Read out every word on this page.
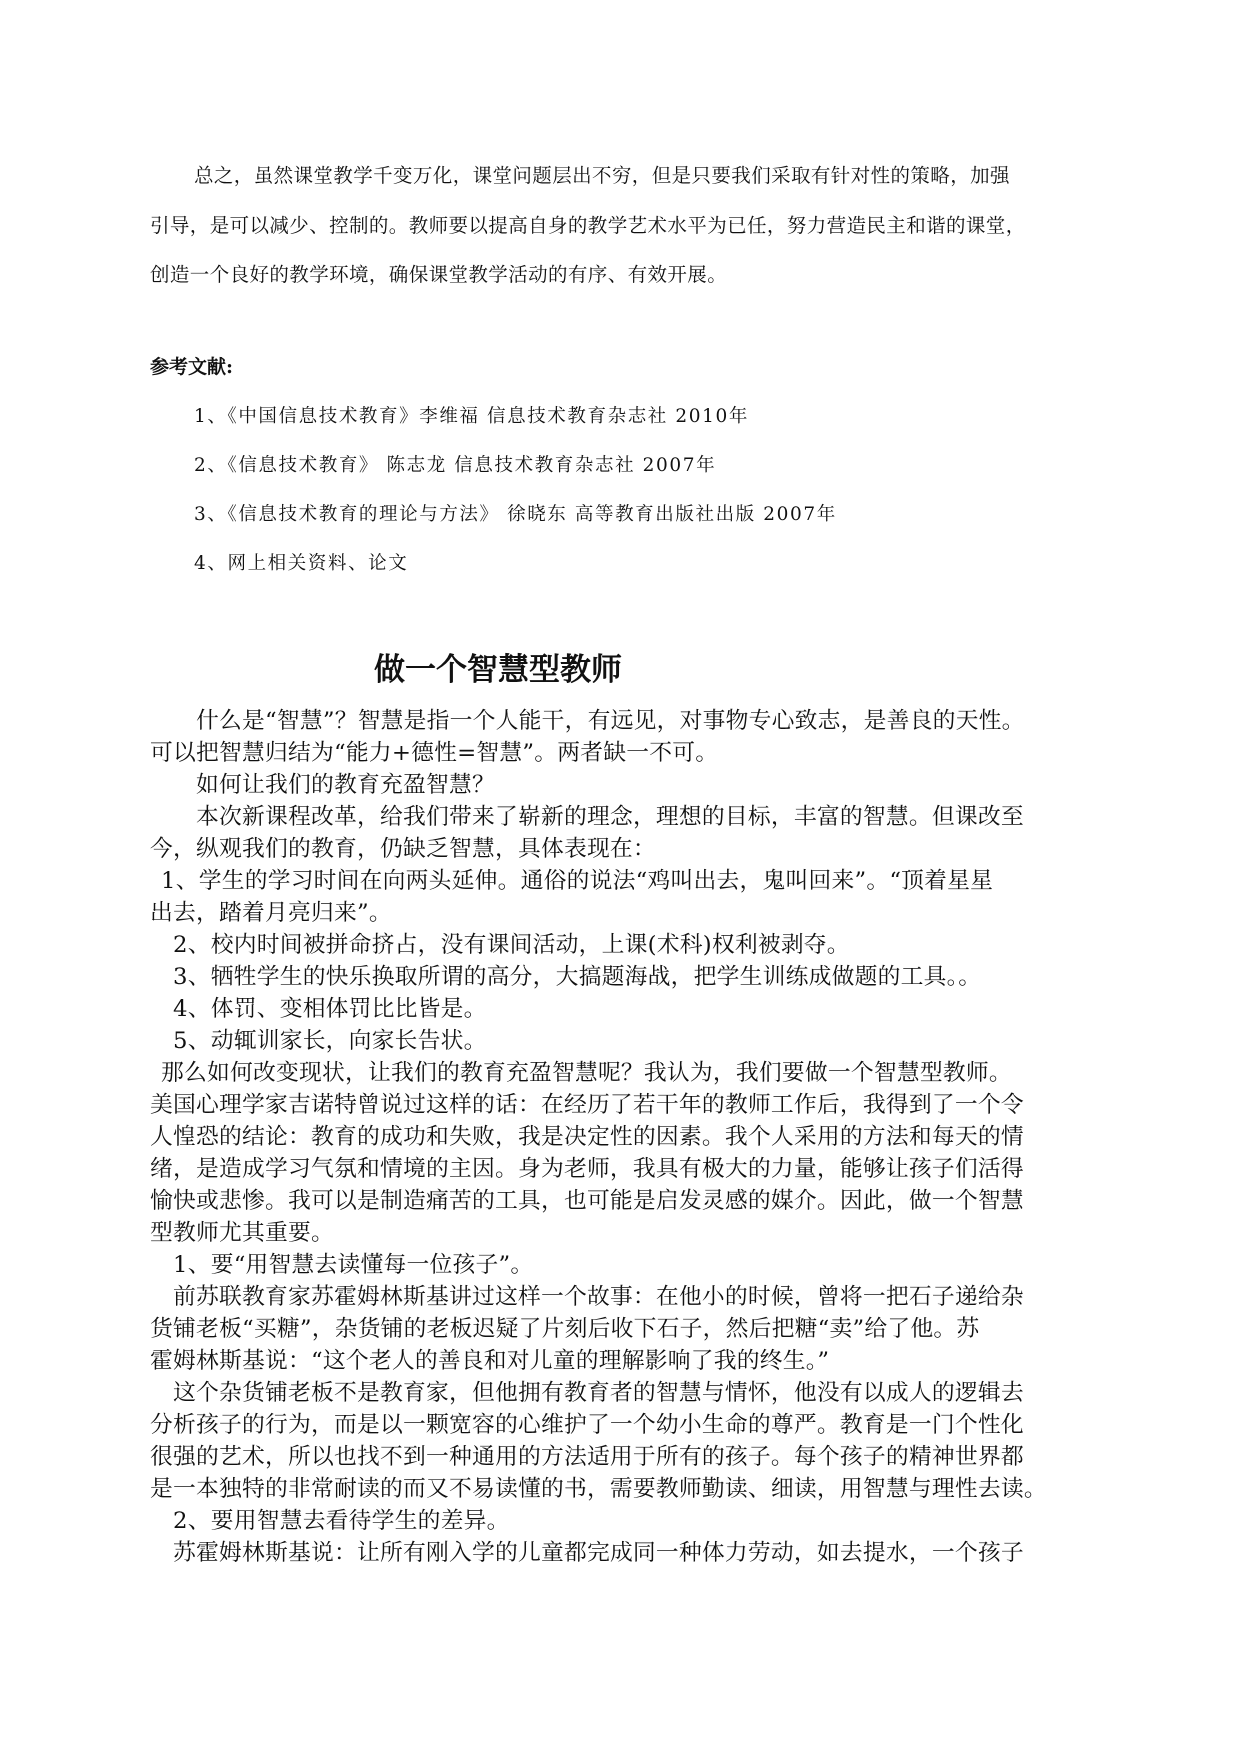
总之，虽然课堂教学千变万化，课堂问题层出不穷，但是只要我们采取有针对性的策略，加强

引导，是可以减少、控制的。教师要以提高自身的教学艺术水平为已任，努力营造民主和谐的课堂，

创造一个良好的教学环境，确保课堂教学活动的有序、有效开展。

参考文献:
1、《中国信息技术教育》李维福 信息技术教育杂志社 2010年
2、《信息技术教育》 陈志龙 信息技术教育杂志社 2007年
3、《信息技术教育的理论与方法》 徐晓东 高等教育出版社出版 2007年
4、网上相关资料、论文
做一个智慧型教师

什么是“智慧”？智慧是指一个人能干，有远见，对事物专心致志，是善良的天性。

可以把智慧归结为“能力+德性=智慧”。两者缺一不可。

如何让我们的教育充盈智慧？

本次新课程改革，给我们带来了崭新的理念，理想的目标，丰富的智慧。但课改至

今，纵观我们的教育，仍缺乏智慧，具体表现在：

1、学生的学习时间在向两头延伸。通俗的说法“鸡叫出去，鬼叫回来”。“顶着星星

出去，踏着月亮归来”。

2、校内时间被拼命挤占，没有课间活动，上课(术科)权利被剥夺。

3、牺牲学生的快乐换取所谓的高分，大搞题海战，把学生训练成做题的工具。。

4、体罚、变相体罚比比皆是。

5、动辄训家长，向家长告状。

那么如何改变现状，让我们的教育充盈智慧呢？我认为，我们要做一个智慧型教师。

美国心理学家吉诺特曾说过这样的话：在经历了若干年的教师工作后，我得到了一个令

人惶恐的结论：教育的成功和失败，我是决定性的因素。我个人采用的方法和每天的情

绪，是造成学习气氛和情境的主因。身为老师，我具有极大的力量，能够让孩子们活得

愉快或悲惨。我可以是制造痛苦的工具，也可能是启发灵感的媒介。因此，做一个智慧

型教师尤其重要。

1、要“用智慧去读懂每一位孩子”。

前苏联教育家苏霍姆林斯基讲过这样一个故事：在他小的时候，曾将一把石子递给杂

货铺老板“买糖”，杂货铺的老板迟疑了片刻后收下石子，然后把糖“卖”给了他。苏

霍姆林斯基说：“这个老人的善良和对儿童的理解影响了我的终生。”

这个杂货铺老板不是教育家，但他拥有教育者的智慧与情怀，他没有以成人的逻辑去

分析孩子的行为，而是以一颗宽容的心维护了一个幼小生命的尊严。教育是一门个性化

很强的艺术，所以也找不到一种通用的方法适用于所有的孩子。每个孩子的精神世界都

是一本独特的非常耐读的而又不易读懂的书，需要教师勤读、细读，用智慧与理性去读。

2、要用智慧去看待学生的差异。

苏霍姆林斯基说：让所有刚入学的儿童都完成同一种体力劳动，如去提水，一个孩子
